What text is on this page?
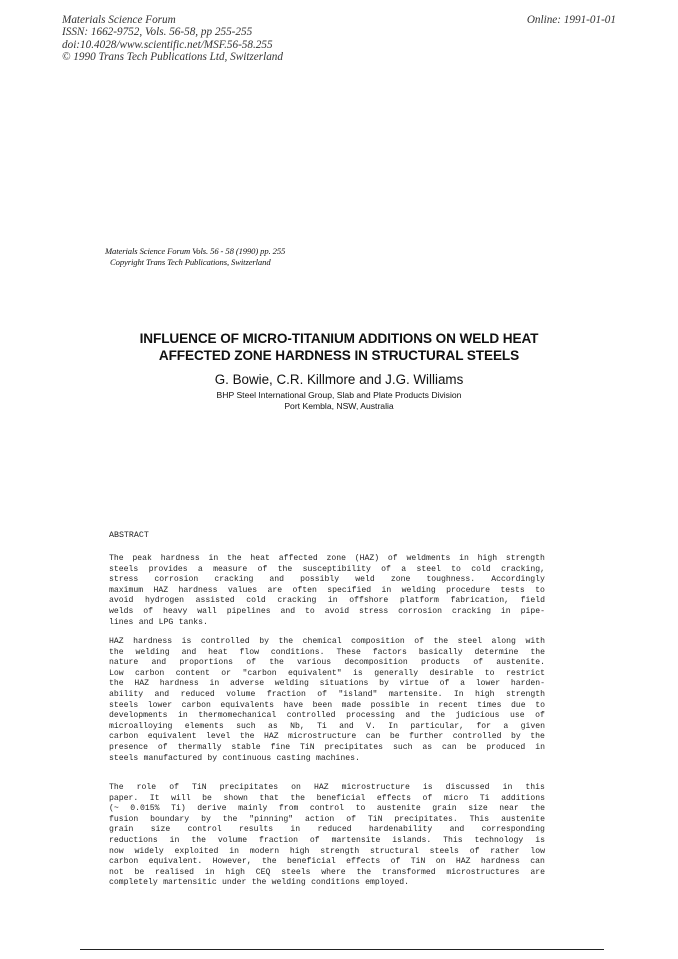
Materials Science Forum
ISSN: 1662-9752, Vols. 56-58, pp 255-255
doi:10.4028/www.scientific.net/MSF.56-58.255
© 1990 Trans Tech Publications Ltd, Switzerland
Online: 1991-01-01
Materials Science Forum Vols. 56 - 58 (1990) pp. 255
Copyright Trans Tech Publications, Switzerland
INFLUENCE OF MICRO-TITANIUM ADDITIONS ON WELD HEAT
AFFECTED ZONE HARDNESS IN STRUCTURAL STEELS
G. Bowie, C.R. Killmore and J.G. Williams
BHP Steel International Group, Slab and Plate Products Division
Port Kembla, NSW, Australia
ABSTRACT
The peak hardness in the heat affected zone (HAZ) of weldments in high strength
steels provides a measure of the susceptibility of a steel to cold cracking,
stress corrosion cracking and possibly weld zone toughness. Accordingly
maximum HAZ hardness values are often specified in welding procedure tests to
avoid hydrogen assisted cold cracking in offshore platform fabrication, field
welds of heavy wall pipelines and to avoid stress corrosion cracking in pipe-
lines and LPG tanks.
HAZ hardness is controlled by the chemical composition of the steel along with
the welding and heat flow conditions. These factors basically determine the
nature and proportions of the various decomposition products of austenite.
Low carbon content or "carbon equivalent" is generally desirable to restrict
the HAZ hardness in adverse welding situations by virtue of a lower harden-
ability and reduced volume fraction of "island" martensite. In high strength
steels lower carbon equivalents have been made possible in recent times due to
developments in thermomechanical controlled processing and the judicious use of
microalloying elements such as Nb, Ti and V. In particular, for a given
carbon equivalent level the HAZ microstructure can be further controlled by the
presence of thermally stable fine TiN precipitates such as can be produced in
steels manufactured by continuous casting machines.
The role of TiN precipitates on HAZ microstructure is discussed in this
paper. It will be shown that the beneficial effects of micro Ti additions
(~ 0.015% Ti) derive mainly from control to austenite grain size near the
fusion boundary by the "pinning" action of TiN precipitates. This austenite
grain size control results in reduced hardenability and corresponding
reductions in the volume fraction of martensite islands. This technology is
now widely exploited in modern high strength structural steels of rather low
carbon equivalent. However, the beneficial effects of TiN on HAZ hardness can
not be realised in high CEQ steels where the transformed microstructures are
completely martensitic under the welding conditions employed.
